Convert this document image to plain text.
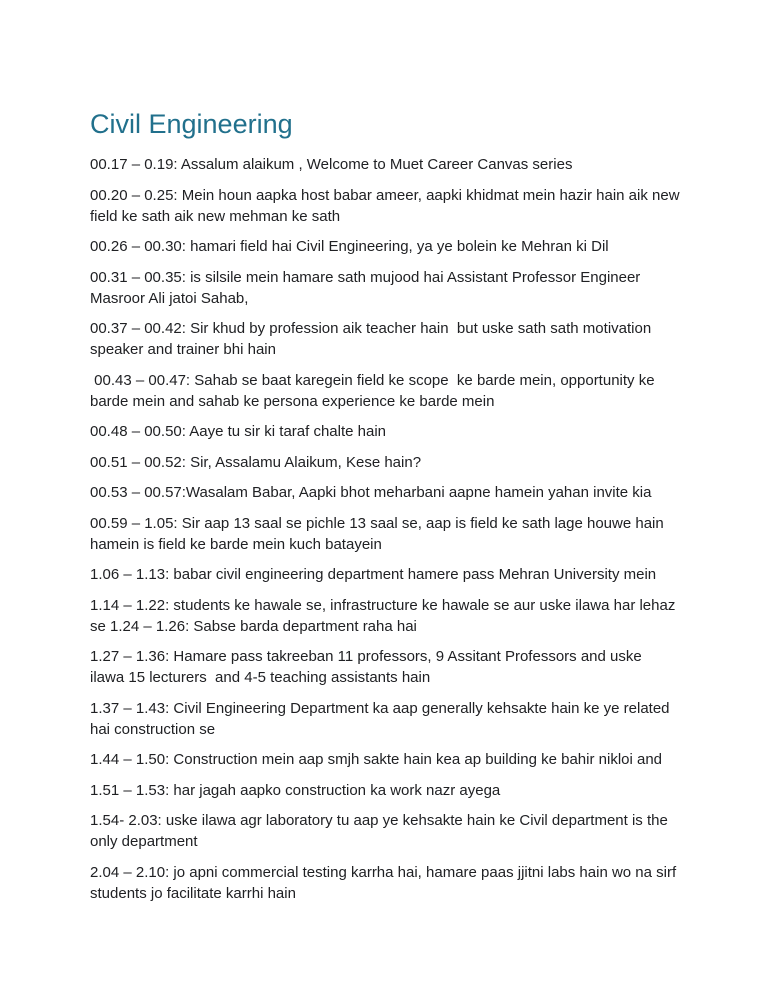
Civil Engineering

00.17 – 0.19: Assalum alaikum , Welcome to Muet Career Canvas series

00.20 – 0.25: Mein houn aapka host babar ameer, aapki khidmat mein hazir hain aik new field ke sath aik new mehman ke sath

00.26 – 00.30: hamari field hai Civil Engineering, ya ye bolein ke Mehran ki Dil

00.31 – 00.35: is silsile mein hamare sath mujood hai Assistant Professor Engineer Masroor Ali jatoi Sahab,

00.37 – 00.42: Sir khud by profession aik teacher hain  but uske sath sath motivation speaker and trainer bhi hain

00.43 – 00.47: Sahab se baat karegein field ke scope  ke barde mein, opportunity ke barde mein and sahab ke persona experience ke barde mein

00.48 – 00.50: Aaye tu sir ki taraf chalte hain

00.51 – 00.52: Sir, Assalamu Alaikum, Kese hain?

00.53 – 00.57:Wasalam Babar, Aapki bhot meharbani aapne hamein yahan invite kia

00.59 – 1.05: Sir aap 13 saal se pichle 13 saal se, aap is field ke sath lage houwe hain hamein is field ke barde mein kuch batayein

1.06 – 1.13: babar civil engineering department hamere pass Mehran University mein

1.14 – 1.22: students ke hawale se, infrastructure ke hawale se aur uske ilawa har lehaz se 1.24 – 1.26: Sabse barda department raha hai

1.27 – 1.36: Hamare pass takreeban 11 professors, 9 Assitant Professors and uske ilawa 15 lecturers  and 4-5 teaching assistants hain

1.37 – 1.43: Civil Engineering Department ka aap generally kehsakte hain ke ye related hai construction se

1.44 – 1.50: Construction mein aap smjh sakte hain kea ap building ke bahir nikloi and

1.51 – 1.53: har jagah aapko construction ka work nazr ayega

1.54- 2.03: uske ilawa agr laboratory tu aap ye kehsakte hain ke Civil department is the only department

2.04 – 2.10: jo apni commercial testing karrha hai, hamare paas jjitni labs hain wo na sirf students jo facilitate karrhi hain
